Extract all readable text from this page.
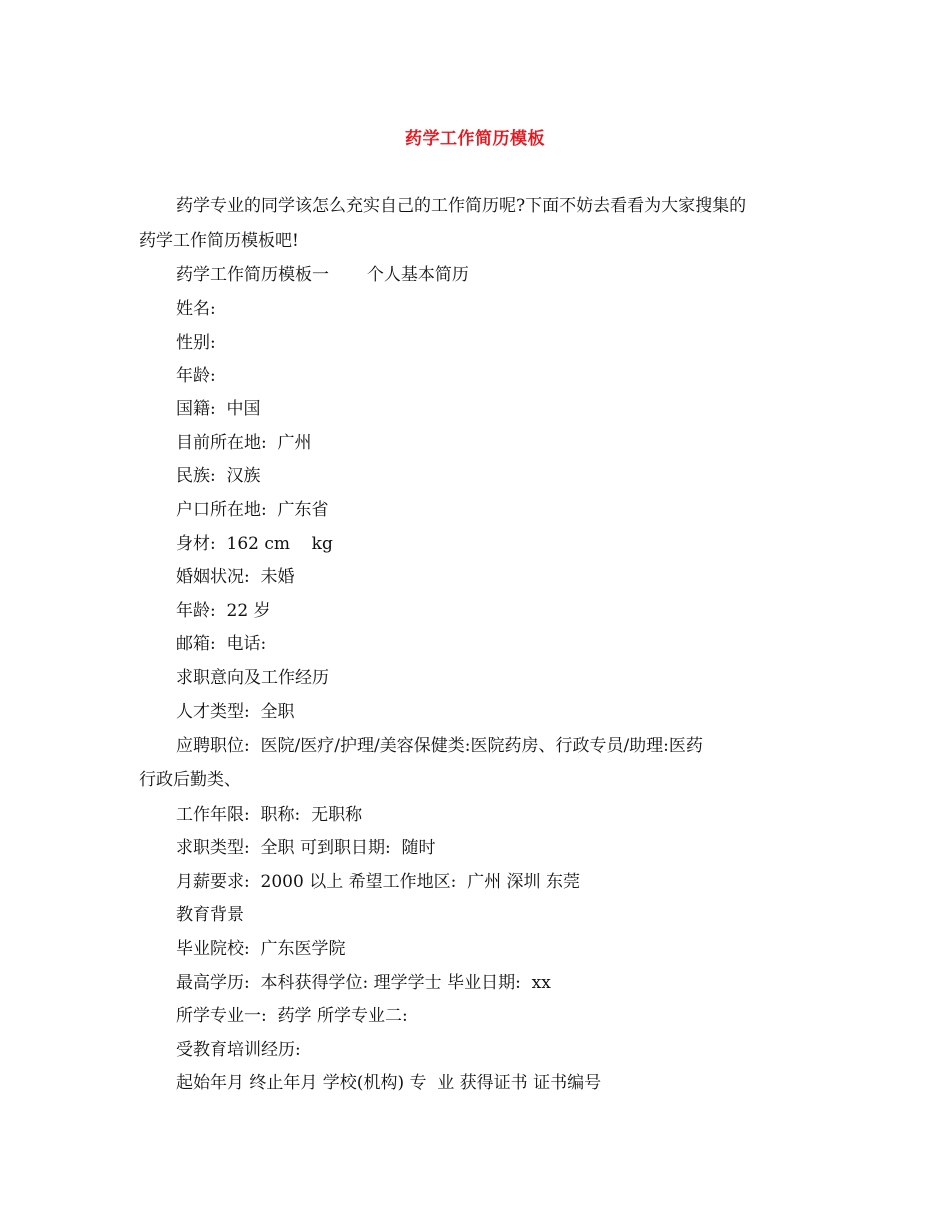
药学工作简历模板
药学专业的同学该怎么充实自己的工作简历呢?下面不妨去看看为大家搜集的
药学工作简历模板吧!
药学工作简历模板一       个人基本简历
姓名:
性别:
年龄:
国籍:  中国
目前所在地:  广州
民族:  汉族
户口所在地:  广东省
身材:  162 cm    kg
婚姻状况:  未婚
年龄:  22 岁
邮箱:  电话:
求职意向及工作经历
人才类型:  全职
应聘职位:  医院/医疗/护理/美容保健类:医院药房、行政专员/助理:医药
行政后勤类、
工作年限:  职称:  无职称
求职类型:  全职 可到职日期:  随时
月薪要求:  2000 以上 希望工作地区:  广州 深圳 东莞
教育背景
毕业院校:  广东医学院
最高学历:  本科获得学位: 理学学士 毕业日期:  xx
所学专业一:  药学 所学专业二:
受教育培训经历:
起始年月 终止年月 学校(机构) 专  业 获得证书 证书编号
